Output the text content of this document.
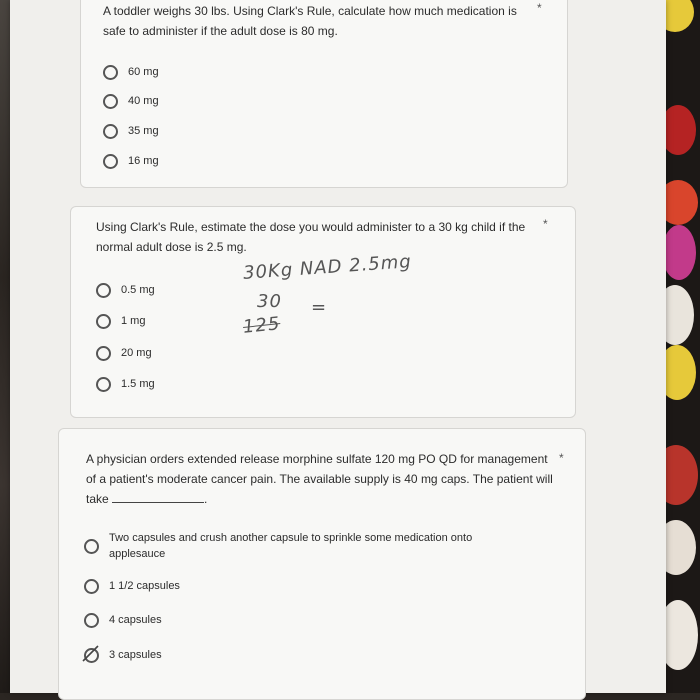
A toddler weighs 30 lbs. Using Clark's Rule, calculate how much medication is safe to administer if the adult dose is 80 mg.
*
60 mg
40 mg
35 mg
16 mg
Using Clark's Rule, estimate the dose you would administer to a 30 kg child if the normal adult dose is 2.5 mg.
*
30Kg NAD 2.5mg
30 =
125
0.5 mg
1 mg
20 mg
1.5 mg
A physician orders extended release morphine sulfate 120 mg PO QD for management of a patient's moderate cancer pain. The available supply is 40 mg caps. The patient will take	.
*
Two capsules and crush another capsule to sprinkle some medication onto applesauce
1 1/2 capsules
4 capsules
3 capsules
